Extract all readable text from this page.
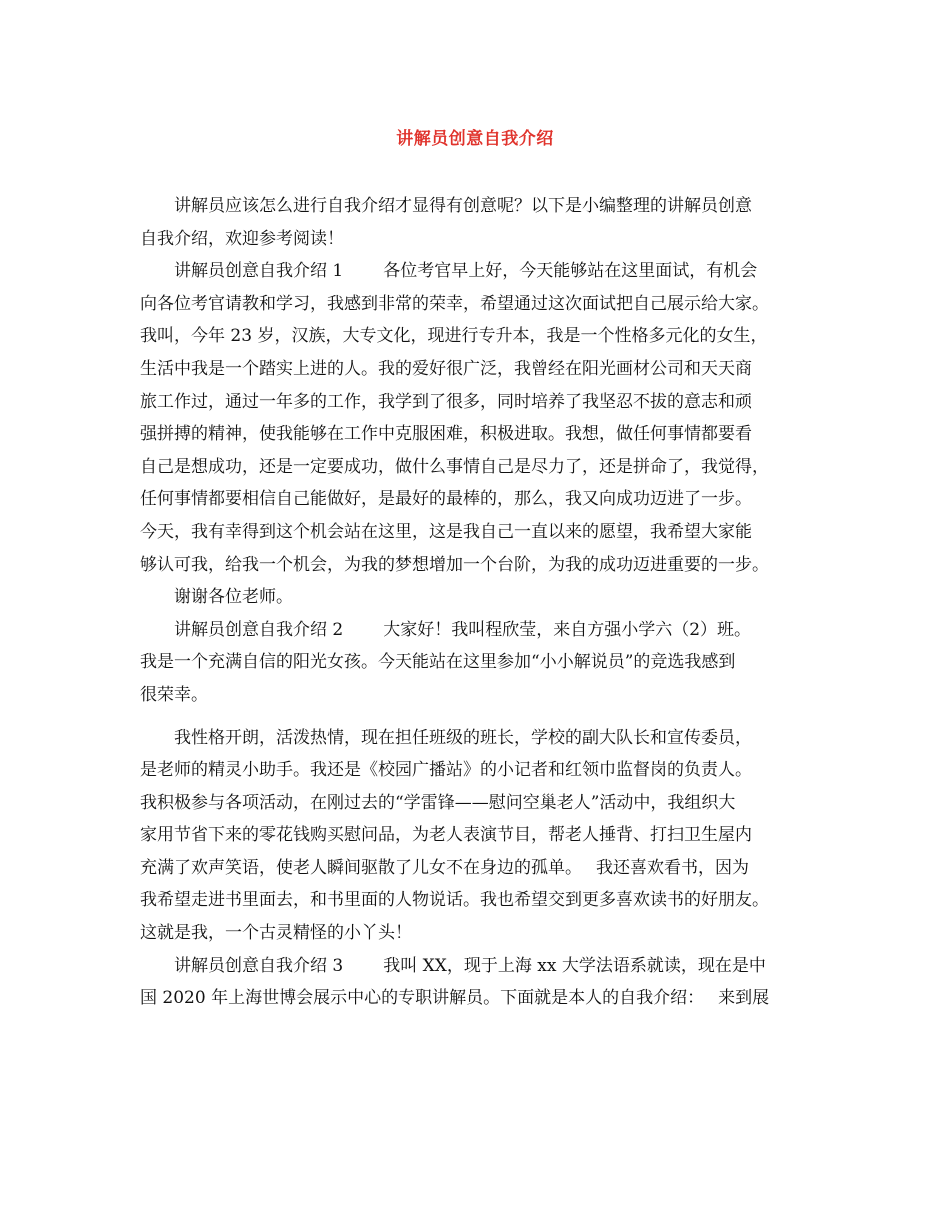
讲解员创意自我介绍
讲解员应该怎么进行自我介绍才显得有创意呢？以下是小编整理的讲解员创意
自我介绍，欢迎参考阅读！
讲解员创意自我介绍 1 各位考官早上好，今天能够站在这里面试，有机会
向各位考官请教和学习，我感到非常的荣幸，希望通过这次面试把自己展示给大家。
我叫，今年 23 岁，汉族，大专文化，现进行专升本，我是一个性格多元化的女生，
生活中我是一个踏实上进的人。我的爱好很广泛，我曾经在阳光画材公司和天天商
旅工作过，通过一年多的工作，我学到了很多，同时培养了我坚忍不拔的意志和顽
强拼搏的精神，使我能够在工作中克服困难，积极进取。我想，做任何事情都要看
自己是想成功，还是一定要成功，做什么事情自己是尽力了，还是拼命了，我觉得，
任何事情都要相信自己能做好，是最好的最棒的，那么，我又向成功迈进了一步。
今天，我有幸得到这个机会站在这里，这是我自己一直以来的愿望，我希望大家能
够认可我，给我一个机会，为我的梦想增加一个台阶，为我的成功迈进重要的一步。
谢谢各位老师。
讲解员创意自我介绍 2 大家好！我叫程欣莹，来自方强小学六（2）班。
我是一个充满自信的阳光女孩。今天能站在这里参加“小小解说员”的竞选我感到
很荣幸。
我性格开朗，活泼热情，现在担任班级的班长，学校的副大队长和宣传委员，
是老师的精灵小助手。我还是《校园广播站》的小记者和红领巾监督岗的负责人。
我积极参与各项活动，在刚过去的“学雷锋——慰问空巢老人”活动中，我组织大
家用节省下来的零花钱购买慰问品，为老人表演节目，帮老人捶背、打扫卫生屋内
充满了欢声笑语，使老人瞬间驱散了儿女不在身边的孤单。 我还喜欢看书，因为
我希望走进书里面去，和书里面的人物说话。我也希望交到更多喜欢读书的好朋友。
这就是我，一个古灵精怪的小丫头！
讲解员创意自我介绍 3 我叫 XX，现于上海 xx 大学法语系就读，现在是中
国 2020 年上海世博会展示中心的专职讲解员。下面就是本人的自我介绍： 来到展
